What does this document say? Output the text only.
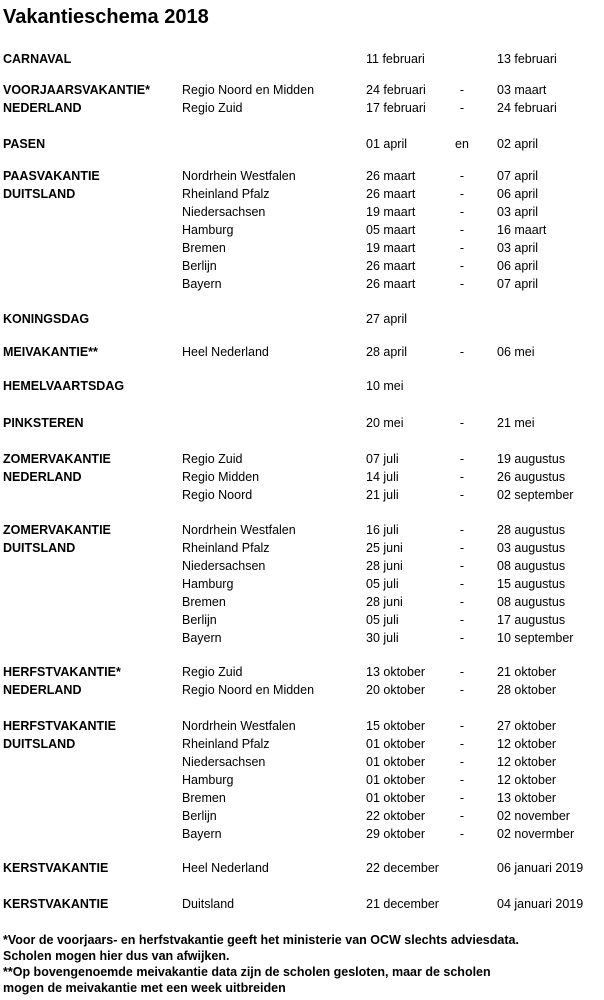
Vakantieschema 2018
CARNAVAL	11 februari	13 februari
VOORJAARSVAKANTIE*	Regio Noord en Midden	24 februari	-	03 maart
NEDERLAND	Regio Zuid	17 februari	-	24 februari
PASEN	01 april	en	02 april
PAASVAKANTIE	Nordrhein Westfalen	26 maart	-	07 april
DUITSLAND	Rheinland Pfalz	26 maart	-	06 april
Niedersachsen	19 maart	-	03 april
Hamburg	05 maart	-	16 maart
Bremen	19 maart	-	03 april
Berlijn	26 maart	-	06 april
Bayern	26 maart	-	07 april
KONINGSDAG	27 april
MEIVAKANTIE**	Heel Nederland	28 april	-	06 mei
HEMELVAARTSDAG	10 mei
PINKSTEREN	20 mei	-	21 mei
ZOMERVAKANTIE	Regio Zuid	07 juli	-	19 augustus
NEDERLAND	Regio Midden	14 juli	-	26 augustus
Regio Noord	21 juli	-	02 september
ZOMERVAKANTIE	Nordrhein Westfalen	16 juli	-	28 augustus
DUITSLAND	Rheinland Pfalz	25 juni	-	03 augustus
Niedersachsen	28 juni	-	08 augustus
Hamburg	05 juli	-	15 augustus
Bremen	28 juni	-	08 augustus
Berlijn	05 juli	-	17 augustus
Bayern	30 juli	-	10 september
HERFSTVAKANTIE*	Regio Zuid	13 oktober	-	21 oktober
NEDERLAND	Regio Noord en Midden	20 oktober	-	28 oktober
HERFSTVAKANTIE	Nordrhein Westfalen	15 oktober	-	27 oktober
DUITSLAND	Rheinland Pfalz	01 oktober	-	12 oktober
Niedersachsen	01 oktober	-	12 oktober
Hamburg	01 oktober	-	12 oktober
Bremen	01 oktober	-	13 oktober
Berlijn	22 oktober	-	02 november
Bayern	29 oktober	-	02 novermber
KERSTVAKANTIE	Heel Nederland	22 december	06 januari 2019
KERSTVAKANTIE	Duitsland	21 december	04 januari 2019
*Voor de voorjaars- en herfstvakantie geeft het ministerie van OCW slechts adviesdata.
Scholen mogen hier dus van afwijken.
**Op bovengenoemde meivakantie data zijn de scholen gesloten, maar de scholen
mogen de meivakantie met een week uitbreiden
